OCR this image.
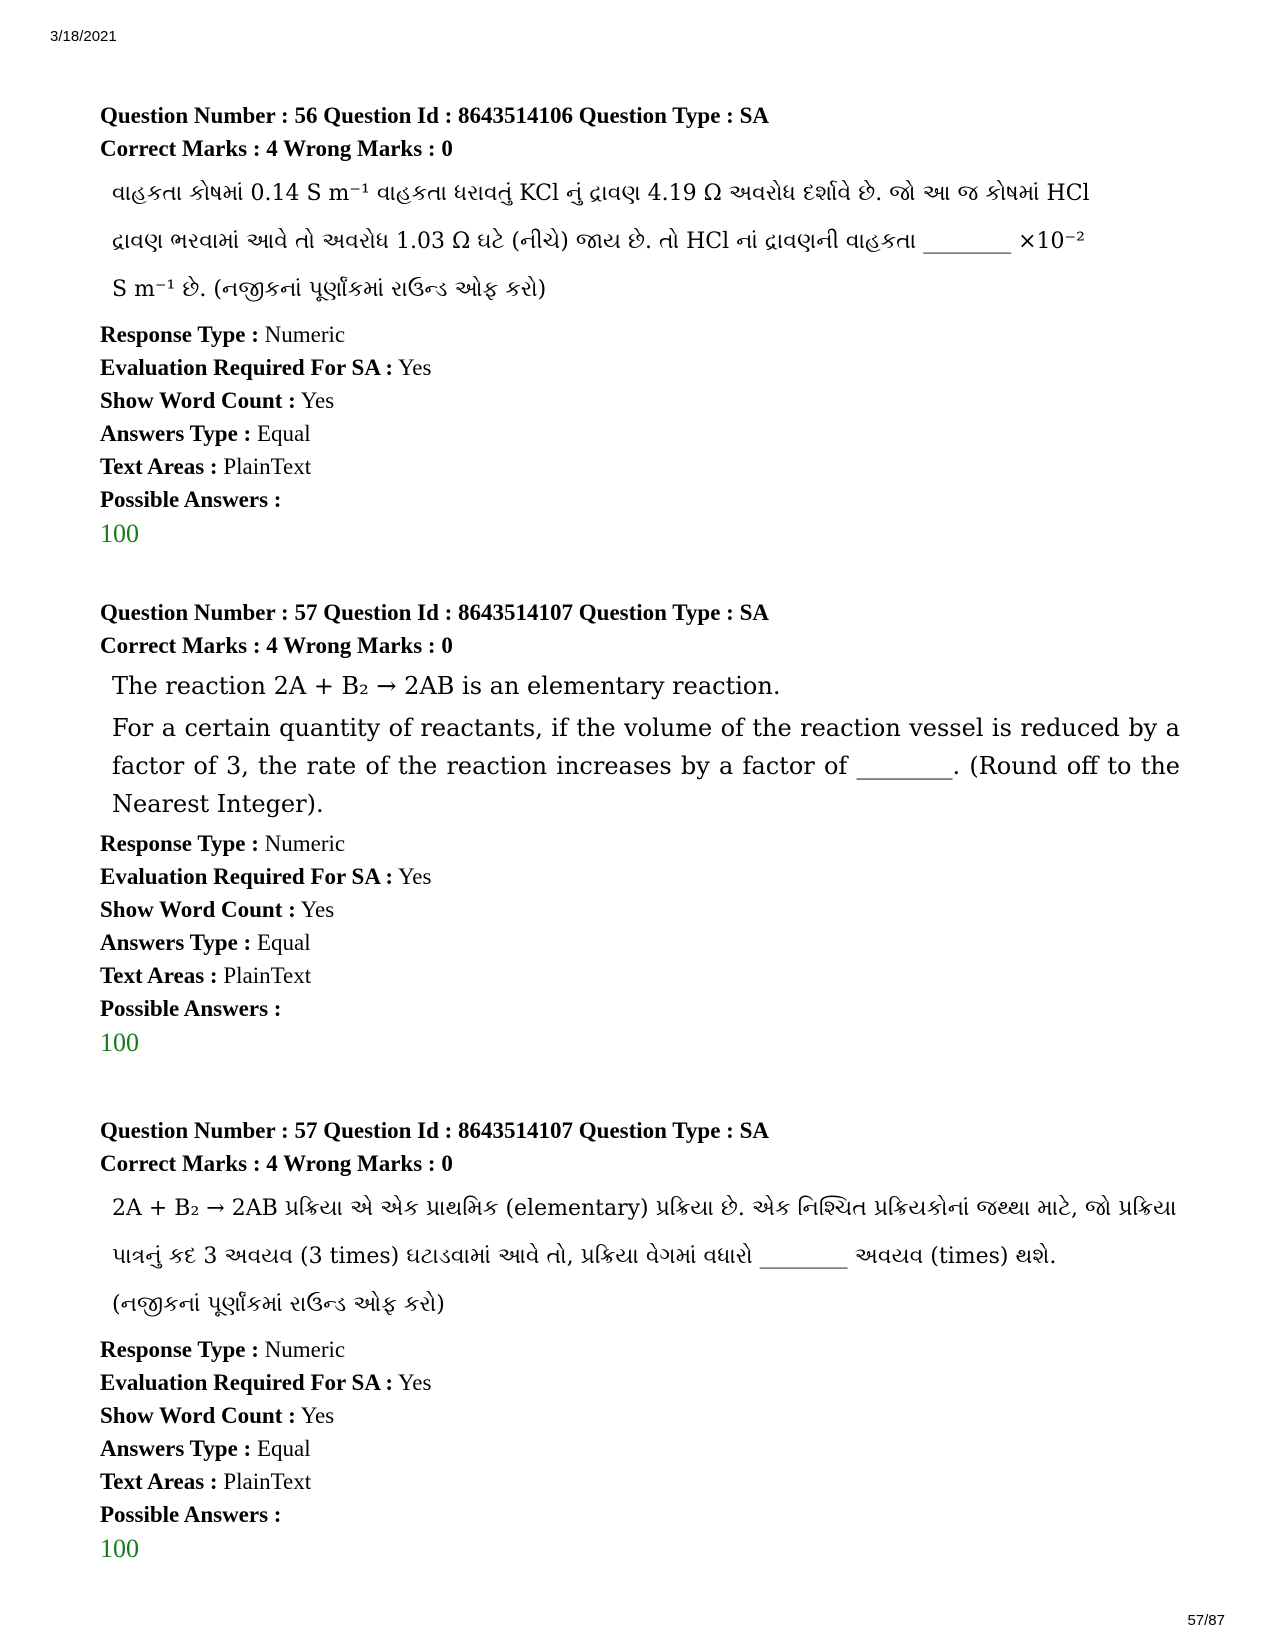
3/18/2021
Question Number : 56 Question Id : 8643514106 Question Type : SA
Correct Marks : 4 Wrong Marks : 0

વાહકતા કોષમાં 0.14 S m⁻¹ વાહકતા ધરાવતું KCl નું દ્રાવણ 4.19 Ω અવરોધ દર્શાવે છે. જો આ જ કોષમાં HCl

દ્રાવણ ભરવામાં આવે તો અવરોધ 1.03 Ω ઘટે (નીચે) જાય છે. તો HCl નાં દ્રાવણની વાહકતા ________ ×10⁻²

S m⁻¹ છે. (નજીકનાં પૂર્ણાંકમાં રાઉન્ડ ઓફ કરો)

Response Type : Numeric
Evaluation Required For SA : Yes
Show Word Count : Yes
Answers Type : Equal
Text Areas : PlainText
Possible Answers :
100
Question Number : 57 Question Id : 8643514107 Question Type : SA
Correct Marks : 4 Wrong Marks : 0

The reaction 2A + B₂ → 2AB is an elementary reaction.

For a certain quantity of reactants, if the volume of the reaction vessel is reduced by a factor of 3, the rate of the reaction increases by a factor of ________. (Round off to the Nearest Integer).

Response Type : Numeric
Evaluation Required For SA : Yes
Show Word Count : Yes
Answers Type : Equal
Text Areas : PlainText
Possible Answers :
100
Question Number : 57 Question Id : 8643514107 Question Type : SA
Correct Marks : 4 Wrong Marks : 0

2A + B₂ → 2AB પ્રક્રિયા એ એક પ્રાથમિક (elementary) પ્રક્રિયા છે. એક નિશ્ચિત પ્રક્રિયકોનાં જથ્થા માટે, જો પ્રક્રિયા

પાત્રનું કદ 3 અવયવ (3 times) ઘટાડવામાં આવે તો, પ્રક્રિયા વેગમાં વધારો ________ અવયવ (times) થશે.

(નજીકનાં પૂર્ણાંકમાં રાઉન્ડ ઓફ કરો)

Response Type : Numeric
Evaluation Required For SA : Yes
Show Word Count : Yes
Answers Type : Equal
Text Areas : PlainText
Possible Answers :
100
57/87
